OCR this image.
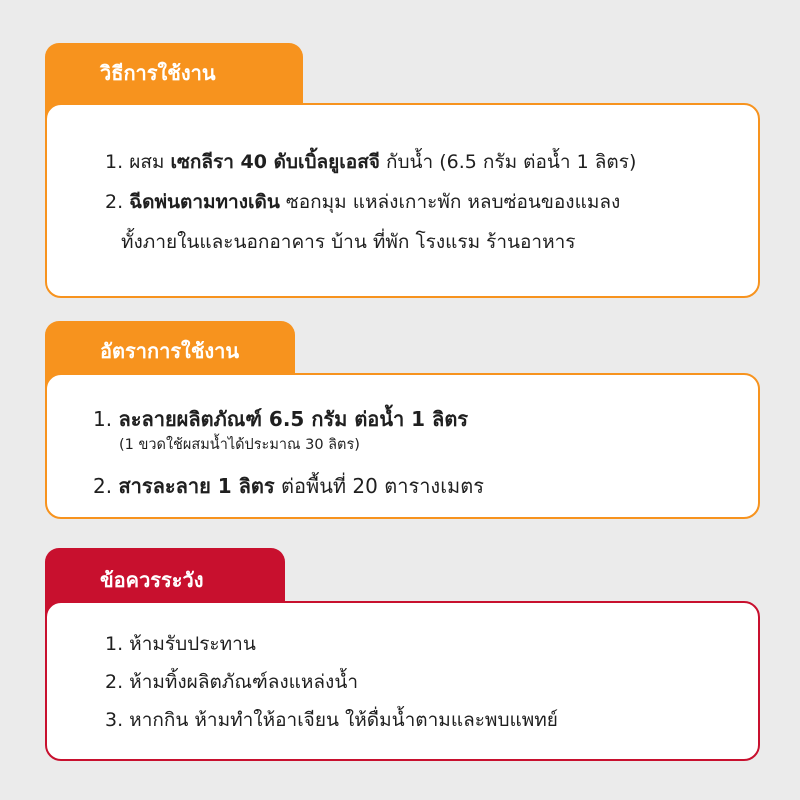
วิธีการใช้งาน
1. ผสม เซกลีรา 40 ดับเบิ้ลยูเอสจี กับน้ำ (6.5 กรัม ต่อน้ำ 1 ลิตร)
2. ฉีดพ่นตามทางเดิน ซอกมุม แหล่งเกาะพัก หลบซ่อนของแมลง
ทั้งภายในและนอกอาคาร บ้าน ที่พัก โรงแรม ร้านอาหาร
อัตราการใช้งาน
1. ละลายผลิตภัณฑ์ 6.5 กรัม ต่อน้ำ 1 ลิตร
(1 ขวดใช้ผสมน้ำได้ประมาณ 30 ลิตร)
2. สารละลาย 1 ลิตร ต่อพื้นที่ 20 ตารางเมตร
ข้อควรระวัง
1. ห้ามรับประทาน
2. ห้ามทิ้งผลิตภัณฑ์ลงแหล่งน้ำ
3. หากกิน ห้ามทำให้อาเจียน ให้ดื่มน้ำตามและพบแพทย์
